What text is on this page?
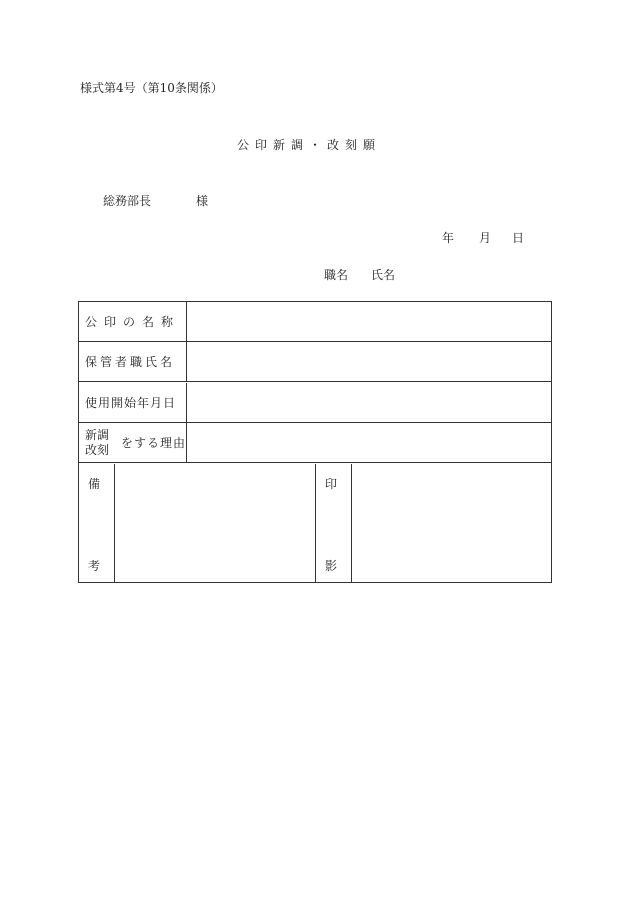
様式第4号（第10条関係）
公印新調・改刻願
総務部長	様
年 月 日
職名 氏名
公印の名称
保管者職氏名
使用開始年月日
新調
改刻 をする理由
備
考
印
影
